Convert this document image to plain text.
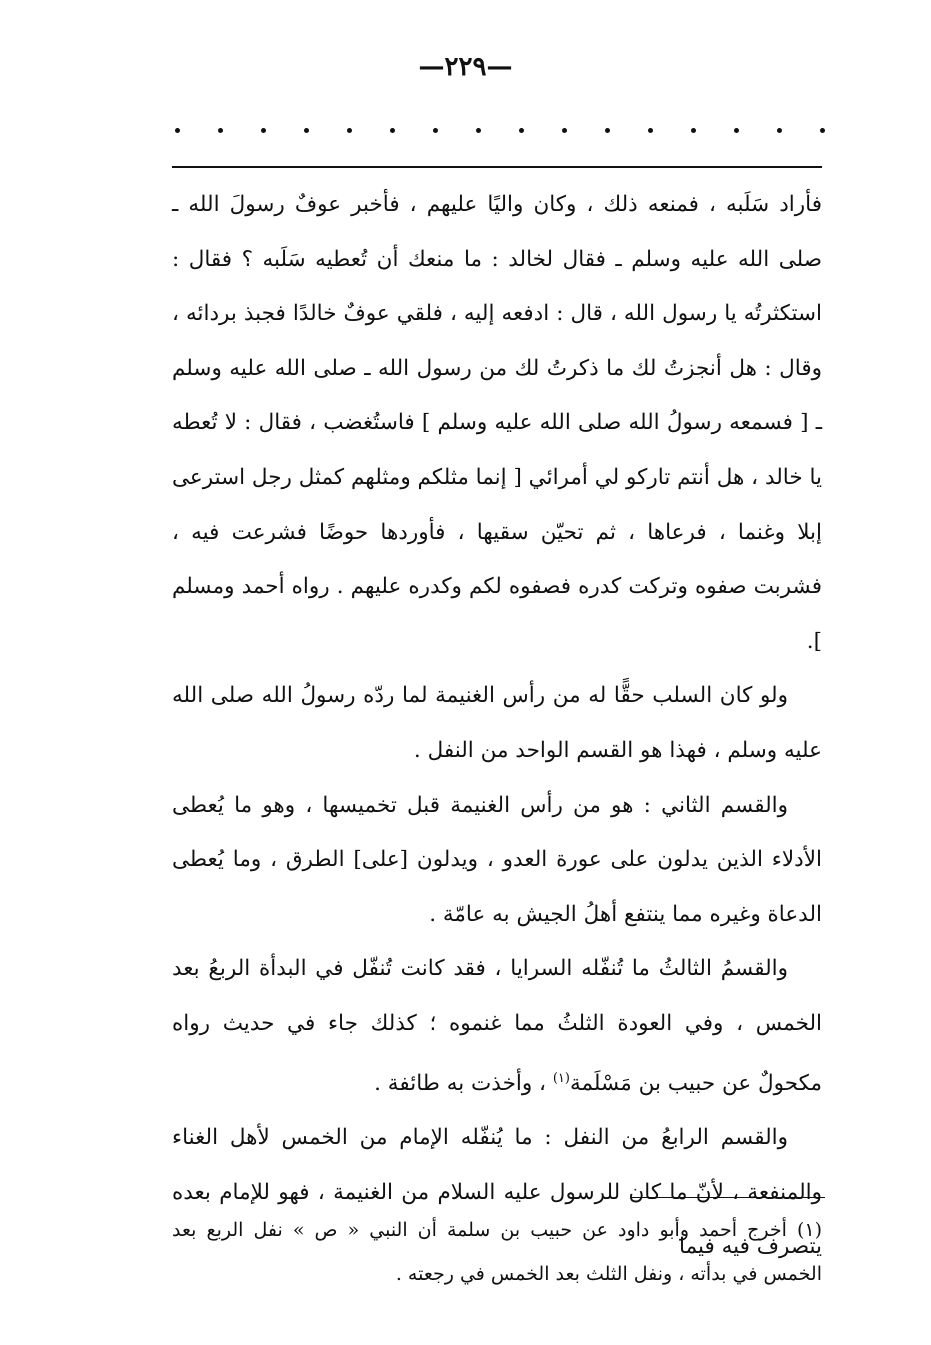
—٢٢٩—

فأراد سَلَبه ، فمنعه ذلك ، وكان واليًا عليهم ، فأخبر عوفٌ رسولَ الله ـ صلى الله عليه وسلم ـ فقال لخالد : ما منعك أن تُعطيه سَلَبه ؟ فقال : استكثرتُه يا رسول الله ، قال : ادفعه إليه ، فلقي عوفٌ خالدًا فجبذ بردائه ، وقال : هل أنجزتُ لك ما ذكرتُ لك من رسول الله ـ صلى الله عليه وسلم ـ [ فسمعه رسولُ الله صلى الله عليه وسلم ] فاستُغضب ، فقال : لا تُعطه يا خالد ، هل أنتم تاركو لي أمرائي [ إنما مثلكم ومثلهم كمثل رجل استرعى إبلا وغنما ، فرعاها ، ثم تحيّن سقيها ، فأوردها حوضًا فشرعت فيه ، فشربت صفوه وتركت كدره فصفوه لكم وكدره عليهم . رواه أحمد ومسلم ].

ولو كان السلب حقًّا له من رأس الغنيمة لما ردّه رسولُ الله صلى الله عليه وسلم ، فهذا هو القسم الواحد من النفل .

والقسم الثاني : هو من رأس الغنيمة قبل تخميسها ، وهو ما يُعطى الأدلاء الذين يدلون على عورة العدو ، ويدلون [على] الطرق ، وما يُعطى الدعاة وغيره مما ينتفع أهلُ الجيش به عامّة .

والقسمُ الثالثُ ما تُنفّله السرايا ، فقد كانت تُنفّل في البدأة الربعُ بعد الخمس ، وفي العودة الثلثُ مما غنموه ؛ كذلك جاء في حديث رواه مكحولٌ عن حبيب بن مَسْلَمة$^{(١)}$ ، وأخذت به طائفة .

والقسم الرابعُ من النفل : ما يُنفّله الإمام من الخمس لأهل الغناء والمنفعة ، لأنّ ما كان للرسول عليه السلام من الغنيمة ، فهو للإمام بعده يتصرف فيه فيما

(١) أخرج أحمد وأبو داود عن حبيب بن سلمة أن النبي « ص » نفل الربع بعد الخمس في بدأته ، ونفل الثلث بعد الخمس في رجعته .
